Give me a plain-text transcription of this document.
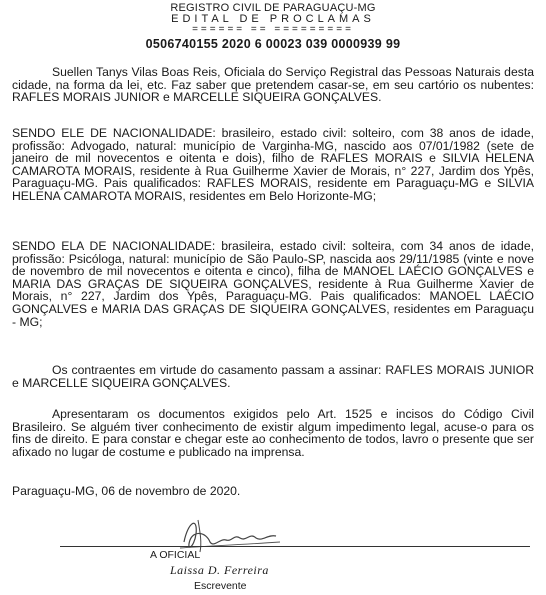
REGISTRO CIVIL DE PARAGUAÇU-MG
EDITAL DE PROCLAMAS
====== == =========
0506740155 2020 6 00023 039 0000939 99

Suellen Tanys Vilas Boas Reis, Oficiala do Serviço Registral das Pessoas Naturais desta cidade, na forma da lei, etc. Faz saber que pretendem casar-se, em seu cartório os nubentes: RAFLES MORAIS JUNIOR e MARCELLE SIQUEIRA GONÇALVES.

SENDO ELE DE NACIONALIDADE: brasileiro, estado civil: solteiro, com 38 anos de idade, profissão: Advogado, natural: município de Varginha-MG, nascido aos 07/01/1982 (sete de janeiro de mil novecentos e oitenta e dois), filho de RAFLES MORAIS e SILVIA HELENA CAMAROTA MORAIS, residente à Rua Guilherme Xavier de Morais, n° 227, Jardim dos Ypês, Paraguaçu-MG. Pais qualificados: RAFLES MORAIS, residente em Paraguaçu-MG e SILVIA HELENA CAMAROTA MORAIS, residentes em Belo Horizonte-MG;

SENDO ELA DE NACIONALIDADE: brasileira, estado civil: solteira, com 34 anos de idade, profissão: Psicóloga, natural: município de São Paulo-SP, nascida aos 29/11/1985 (vinte e nove de novembro de mil novecentos e oitenta e cinco), filha de MANOEL LAÉCIO GONÇALVES e MARIA DAS GRAÇAS DE SIQUEIRA GONÇALVES, residente à Rua Guilherme Xavier de Morais, n° 227, Jardim dos Ypês, Paraguaçu-MG. Pais qualificados: MANOEL LAÉCIO GONÇALVES e MARIA DAS GRAÇAS DE SIQUEIRA GONÇALVES, residentes em Paraguaçu - MG;

Os contraentes em virtude do casamento passam a assinar: RAFLES MORAIS JUNIOR e MARCELLE SIQUEIRA GONÇALVES.

Apresentaram os documentos exigidos pelo Art. 1525 e incisos do Código Civil Brasileiro. Se alguém tiver conhecimento de existir algum impedimento legal, acuse-o para os fins de direito. E para constar e chegar este ao conhecimento de todos, lavro o presente que ser afixado no lugar de costume e publicado na imprensa.

Paraguaçu-MG, 06 de novembro de 2020.
A OFICIAL
Laissa D. Ferreira
Escrevente
